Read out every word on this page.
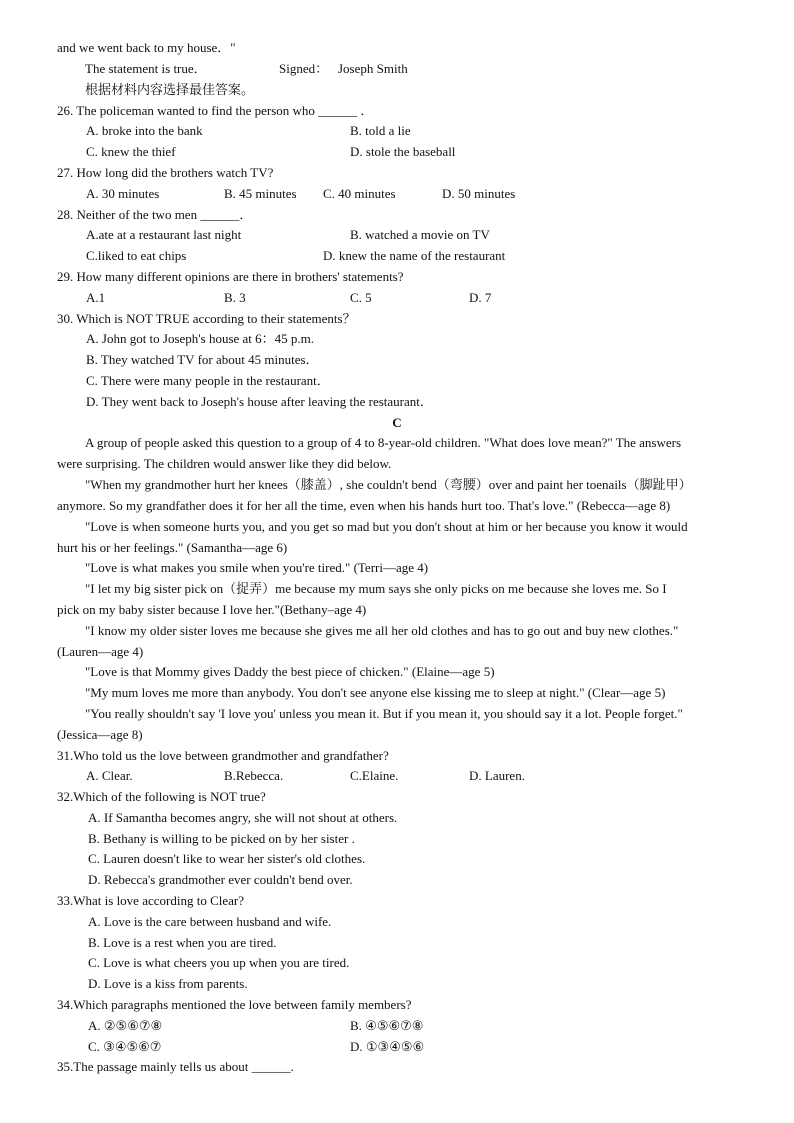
and we went back to my house．"
The statement is true．	Signed： Joseph Smith
根据材料内容选择最佳答案。
26. The policeman wanted to find the person who ______ ．
A. broke into the bank	B. told a lie
C. knew the thief	D. stole the baseball
27. How long did the brothers watch TV?
A. 30 minutes	B. 45 minutes C. 40 minutes	D. 50 minutes
28. Neither of the two men ______．
A.ate at a restaurant last night	B. watched a movie on TV
C.liked to eat chips	D. knew the name of the restaurant
29. How many different opinions are there in brothers' statements?
A.1	B. 3	C. 5	D. 7
30. Which is NOT TRUE according to their statements？
A. John got to Joseph's house at 6：45 p.m.
B. They watched TV for about 45 minutes．
C. There were many people in the restaurant．
D. They went back to Joseph's house after leaving the restaurant．
C
A group of people asked this question to a group of 4 to 8-year-old children. "What does love mean?" The answers
were surprising. The children would answer like they did below.
"When my grandmother hurt her knees（膝盖）, she couldn't bend（弯腰）over and paint her toenails（脚趾甲）
anymore. So my grandfather does it for her all the time, even when his hands hurt too. That's love." (Rebecca—age 8)
"Love is when someone hurts you, and you get so mad but you don't shout at him or her because you know it would
hurt his or her feelings." (Samantha—age 6)
"Love is what makes you smile when you're tired." (Terri—age 4)
"I let my big sister pick on（捉弄）me because my mum says she only picks on me because she loves me. So I
pick on my baby sister because I love her."(Bethany–age 4)
"I know my older sister loves me because she gives me all her old clothes and has to go out and buy new clothes."
(Lauren—age 4)
"Love is that Mommy gives Daddy the best piece of chicken." (Elaine—age 5)
"My mum loves me more than anybody. You don't see anyone else kissing me to sleep at night." (Clear—age 5)
"You really shouldn't say 'I love you' unless you mean it. But if you mean it, you should say it a lot. People forget."
(Jessica—age 8)
31.Who told us the love between grandmother and grandfather?
A. Clear.	B.Rebecca.	C.Elaine.	D. Lauren.
32.Which of the following is NOT true?
A. If Samantha becomes angry, she will not shout at others.
B. Bethany is willing to be picked on by her sister .
C. Lauren doesn't like to wear her sister's old clothes.
D. Rebecca's grandmother ever couldn't bend over.
33.What is love according to Clear?
A. Love is the care between husband and wife.
B. Love is a rest when you are tired.
C. Love is what cheers you up when you are tired.
D. Love is a kiss from parents.
34.Which paragraphs mentioned the love between family members?
A. ②⑤⑥⑦⑧	B. ④⑤⑥⑦⑧
C. ③④⑤⑥⑦	D. ①③④⑤⑥
35.The passage mainly tells us about ______.
